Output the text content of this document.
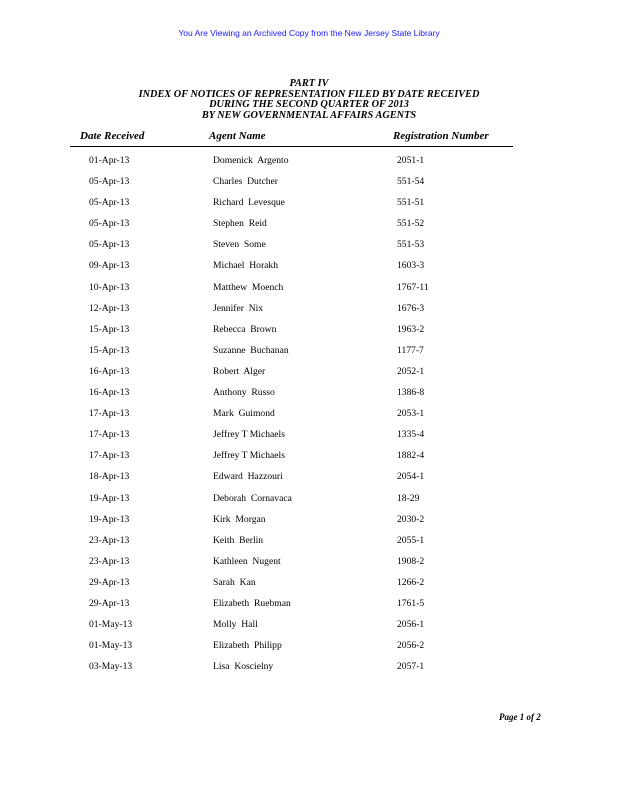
You Are Viewing an Archived Copy from the New Jersey State Library
PART IV
INDEX OF NOTICES OF REPRESENTATION FILED BY DATE RECEIVED
DURING THE SECOND QUARTER OF 2013
BY NEW GOVERNMENTAL AFFAIRS AGENTS
Date Received	Agent Name	Registration Number
01-Apr-13	Domenick  Argento	2051-1
05-Apr-13	Charles  Dutcher	551-54
05-Apr-13	Richard  Levesque	551-51
05-Apr-13	Stephen  Reid	551-52
05-Apr-13	Steven  Some	551-53
09-Apr-13	Michael  Horakh	1603-3
10-Apr-13	Matthew  Moench	1767-11
12-Apr-13	Jennifer  Nix	1676-3
15-Apr-13	Rebecca  Brown	1963-2
15-Apr-13	Suzanne  Buchanan	1177-7
16-Apr-13	Robert  Alger	2052-1
16-Apr-13	Anthony  Russo	1386-8
17-Apr-13	Mark  Guimond	2053-1
17-Apr-13	Jeffrey T Michaels	1335-4
17-Apr-13	Jeffrey T Michaels	1882-4
18-Apr-13	Edward  Hazzouri	2054-1
19-Apr-13	Deborah  Cornavaca	18-29
19-Apr-13	Kirk  Morgan	2030-2
23-Apr-13	Keith  Berlin	2055-1
23-Apr-13	Kathleen  Nugent	1908-2
29-Apr-13	Sarah  Kan	1266-2
29-Apr-13	Elizabeth  Ruebman	1761-5
01-May-13	Molly  Hall	2056-1
01-May-13	Elizabeth  Philipp	2056-2
03-May-13	Lisa  Koscielny	2057-1
Page 1 of 2
